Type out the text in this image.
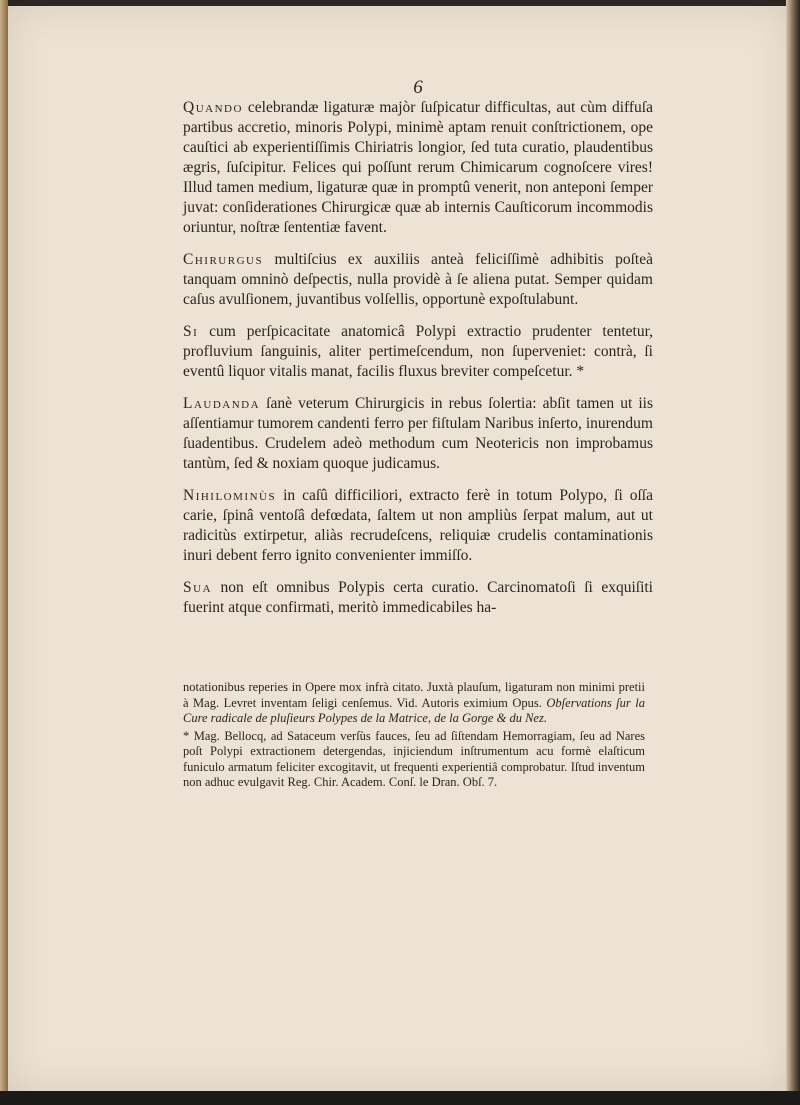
6

Quando celebrandæ ligaturæ majòr ſuſpicatur difficultas, aut cùm diffuſa partibus accretio, minoris Polypi, minimè aptam renuit conſtrictionem, ope cauſtici ab experientiſſimis Chiriatris longior, ſed tuta curatio, plaudentibus ægris, ſuſcipitur. Felices qui poſſunt rerum Chimicarum cognoſcere vires! Illud tamen medium, ligaturæ quæ in promptû venerit, non anteponi ſemper juvat: conſiderationes Chirurgicæ quæ ab internis Cauſticorum incommodis oriuntur, noſtræ ſententiæ favent.

Chirurgus multiſcius ex auxiliis anteà feliciſſimè adhibitis poſteà tanquam omninò deſpectis, nulla providè à ſe aliena putat. Semper quidam caſus avulſionem, juvantibus volſellis, opportunè expoſtulabunt.

Si cum perſpicacitate anatomicâ Polypi extractio prudenter tentetur, profluvium ſanguinis, aliter pertimeſcendum, non ſuperveniet: contrà, ſi eventû liquor vitalis manat, facilis fluxus breviter compeſcetur. *

Laudanda ſanè veterum Chirurgicis in rebus ſolertia: abſit tamen ut iis aſſentiamur tumorem candenti ferro per fiſtulam Naribus inſerto, inurendum ſuadentibus. Crudelem adeò methodum cum Neotericis non improbamus tantùm, ſed & noxiam quoque judicamus.

Nihilominùs in caſû difficiliori, extracto ferè in totum Polypo, ſi oſſa carie, ſpinâ ventoſâ defœdata, ſaltem ut non ampliùs ſerpat malum, aut ut radicitùs extirpetur, aliàs recrudeſcens, reliquiæ crudelis contaminationis inuri debent ferro ignito convenienter immiſſo.

Sua non eſt omnibus Polypis certa curatio. Carcinomatoſi ſi exquiſiti fuerint atque confirmati, meritò immedicabiles ha-

notationibus reperies in Opere mox infrà citato. Juxtà plauſum, ligaturam non minimi pretii à Mag. Levret inventam ſeligi cenſemus. Vid. Autoris eximium Opus. Obſervations ſur la Cure radicale de pluſieurs Polypes de la Matrice, de la Gorge & du Nez.

* Mag. Bellocq, ad Sataceum verſùs fauces, ſeu ad ſiſtendam Hemorragiam, ſeu ad Nares poſt Polypi extractionem detergendas, injiciendum inſtrumentum acu formè elaſticum funiculo armatum feliciter excogitavit, ut frequenti experientiâ comprobatur. Iſtud inventum non adhuc evulgavit Reg. Chir. Academ. Conſ. le Dran. Obſ. 7.
